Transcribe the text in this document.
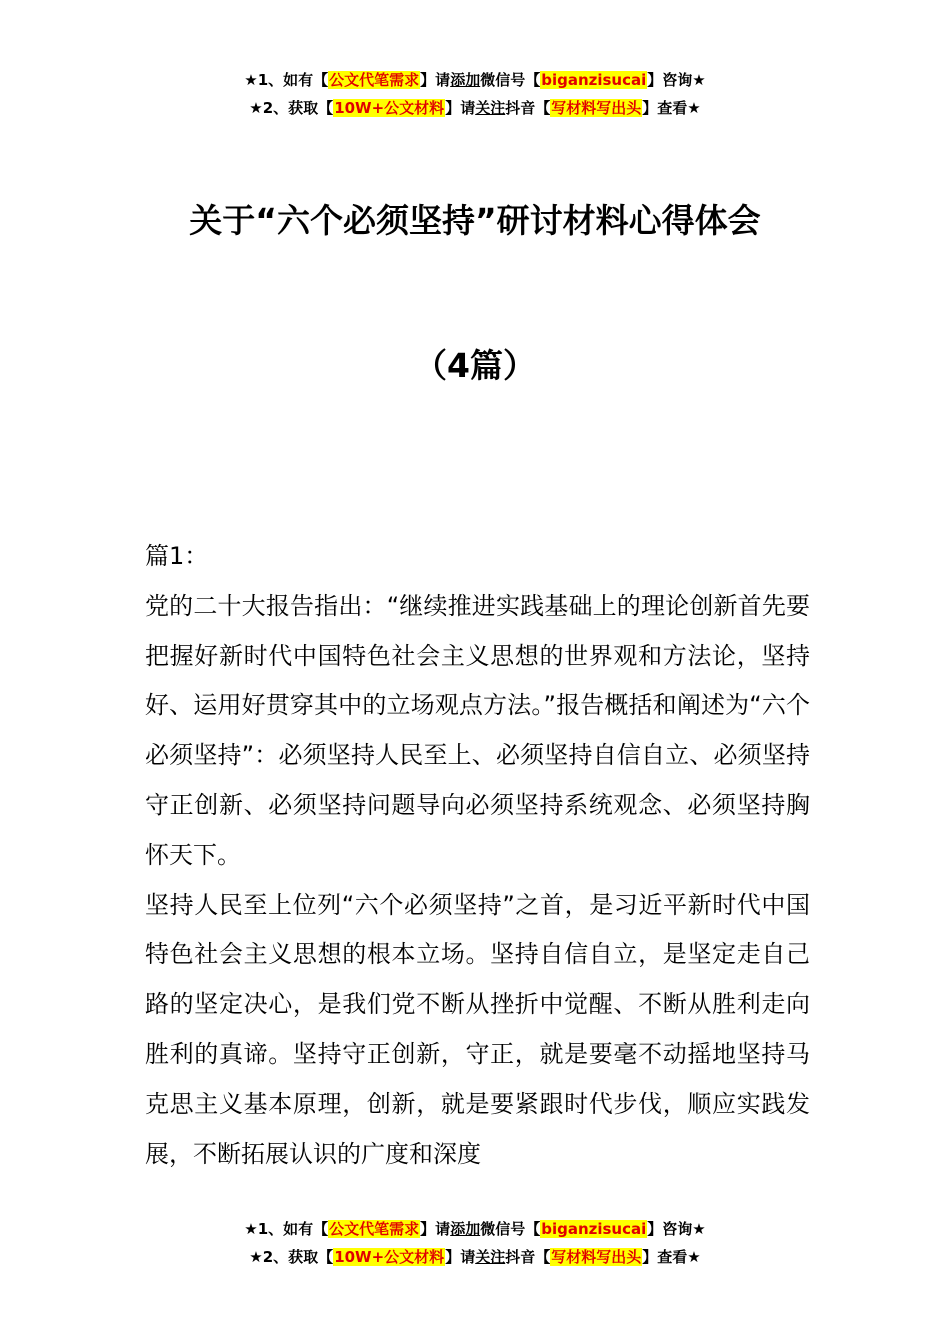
★1、如有【公文代笔需求】请添加微信号【biganzisucai】咨询★
★2、获取【10W+公文材料】请关注抖音【写材料写出头】查看★
关于“六个必须坚持”研讨材料心得体会
（4篇）

篇1：

党的二十大报告指出：“继续推进实践基础上的理论创新首先要把握好新时代中国特色社会主义思想的世界观和方法论，坚持好、运用好贯穿其中的立场观点方法。”报告概括和阐述为“六个必须坚持”：必须坚持人民至上、必须坚持自信自立、必须坚持守正创新、必须坚持问题导向必须坚持系统观念、必须坚持胸怀天下。

坚持人民至上位列“六个必须坚持”之首，是习近平新时代中国特色社会主义思想的根本立场。坚持自信自立，是坚定走自己路的坚定决心，是我们党不断从挫折中觉醒、不断从胜利走向胜利的真谛。坚持守正创新，守正，就是要毫不动摇地坚持马克思主义基本原理，创新，就是要紧跟时代步伐，顺应实践发展，不断拓展认识的广度和深度

★1、如有【公文代笔需求】请添加微信号【biganzisucai】咨询★
★2、获取【10W+公文材料】请关注抖音【写材料写出头】查看★
